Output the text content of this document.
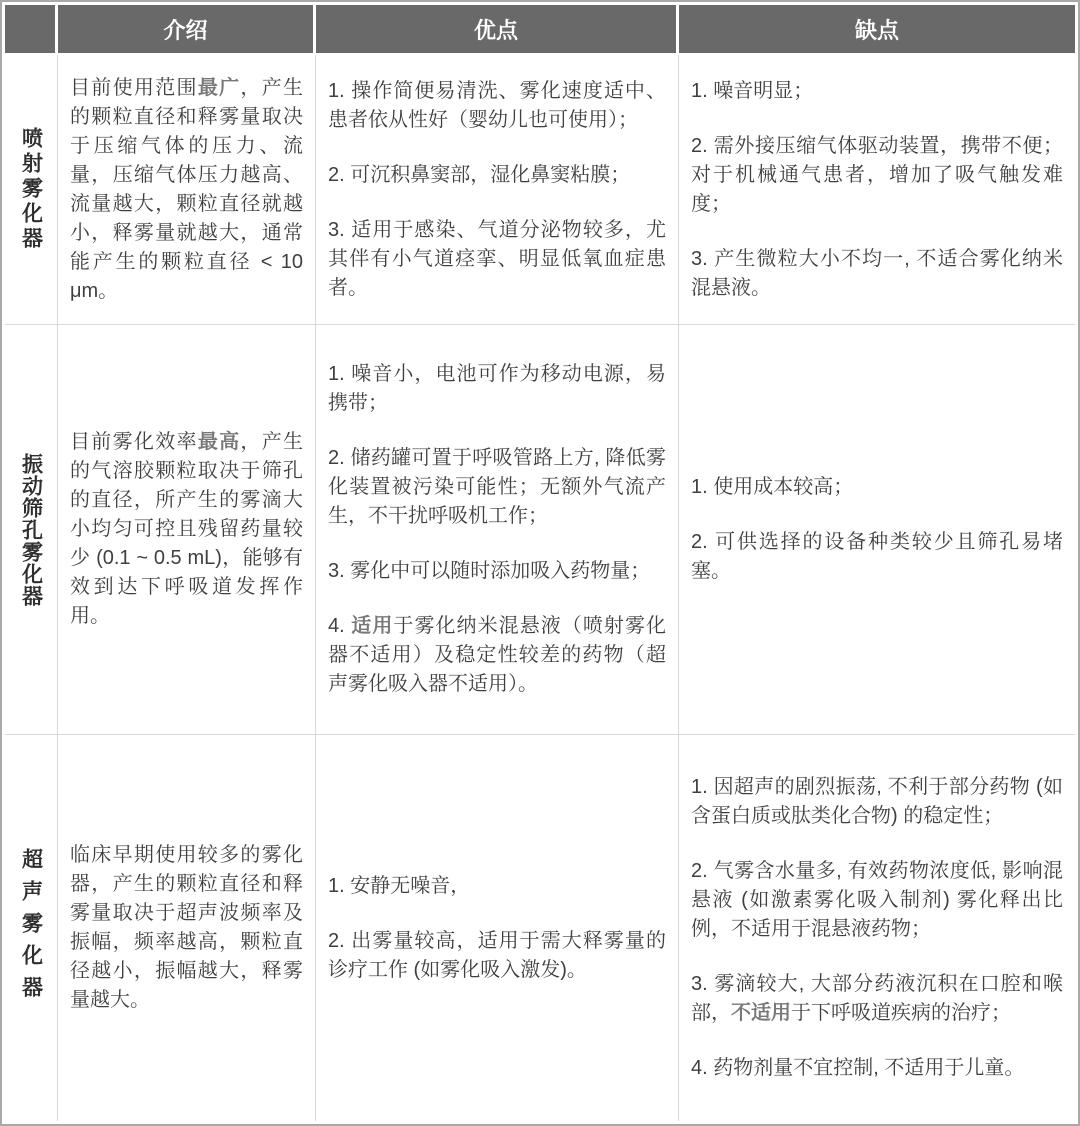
介绍	优点	缺点
喷射雾化器

目前使用范围最广，产生的颗粒直径和释雾量取决于压缩气体的压力、流量，压缩气体压力越高、流量越大，颗粒直径就越小，释雾量就越大，通常能产生的颗粒直径 < 10 μm。

1. 操作简便易清洗、雾化速度适中、患者依从性好（婴幼儿也可使用）；

2. 可沉积鼻窦部，湿化鼻窦粘膜；

3. 适用于感染、气道分泌物较多，尤其伴有小气道痉挛、明显低氧血症患者。

1. 噪音明显；

2. 需外接压缩气体驱动装置，携带不便；对于机械通气患者，增加了吸气触发难度；

3. 产生微粒大小不均一, 不适合雾化纳米混悬液。

振动筛孔雾化器

目前雾化效率最高，产生的气溶胶颗粒取决于筛孔的直径，所产生的雾滴大小均匀可控且残留药量较少 (0.1 ~ 0.5 mL)，能够有效到达下呼吸道发挥作用。

1. 噪音小，电池可作为移动电源，易携带；

2. 储药罐可置于呼吸管路上方, 降低雾化装置被污染可能性；无额外气流产生，不干扰呼吸机工作；

3. 雾化中可以随时添加吸入药物量；

4. 适用于雾化纳米混悬液（喷射雾化器不适用）及稳定性较差的药物（超声雾化吸入器不适用）。

1. 使用成本较高；

2. 可供选择的设备种类较少且筛孔易堵塞。

超声雾化器 临床早期使用较多的雾化器，产生的颗粒直径和释雾量取决于超声波频率及振幅，频率越高，颗粒直径越小，振幅越大，释雾量越大。

1. 安静无噪音，

2. 出雾量较高，适用于需大释雾量的诊疗工作 (如雾化吸入激发)。

1. 因超声的剧烈振荡, 不利于部分药物 (如含蛋白质或肽类化合物) 的稳定性；

2. 气雾含水量多, 有效药物浓度低, 影响混悬液 (如激素雾化吸入制剂) 雾化释出比例，不适用于混悬液药物；

3. 雾滴较大, 大部分药液沉积在口腔和喉部，不适用于下呼吸道疾病的治疗；

4. 药物剂量不宜控制, 不适用于儿童。
